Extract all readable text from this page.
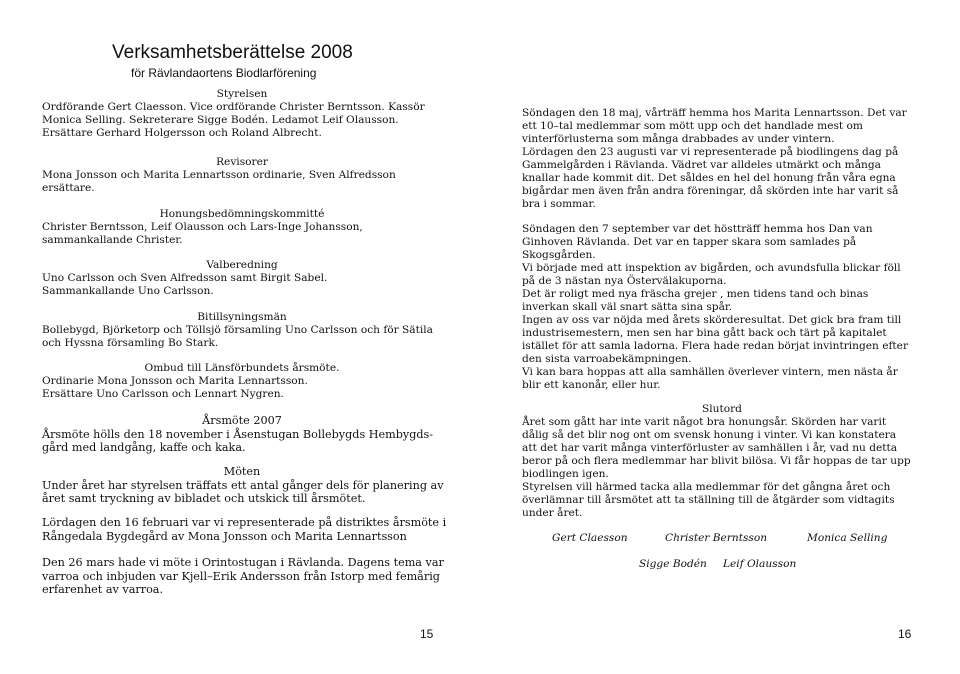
Verksamhetsberättelse 2008
för Rävlandaortens Biodlarförening
Styrelsen
Ordförande Gert Claesson. Vice ordförande Christer Berntsson. Kassör
Monica Selling. Sekreterare Sigge Bodén. Ledamot Leif Olausson.
Ersättare Gerhard Holgersson och Roland Albrecht.
Revisorer
Mona Jonsson och Marita Lennartsson ordinarie, Sven Alfredsson
ersättare.
Honungsbedömningskommitté
Christer Berntsson, Leif Olausson och Lars-Inge Johansson,
sammankallande Christer.
Valberedning
Uno Carlsson och Sven Alfredsson samt Birgit Sabel.
Sammankallande Uno Carlsson.
Bitillsyningsmän
Bollebygd, Björketorp och Töllsjö församling Uno Carlsson och för Sätila
och Hyssna församling Bo Stark.
Ombud till Länsförbundets årsmöte.
Ordinarie Mona Jonsson och Marita Lennartsson.
Ersättare Uno Carlsson och Lennart Nygren.
Årsmöte 2007
Årsmöte hölls den 18 november i Åsenstugan Bollebygds Hembygds-
gård med landgång, kaffe och kaka.
Möten
Under året har styrelsen träffats ett antal gånger dels för planering av
året samt tryckning av bibladet och utskick till årsmötet.
Lördagen den 16 februari var vi representerade på distriktes årsmöte i
Rångedala Bygdegård av Mona Jonsson och Marita Lennartsson
Den 26 mars hade vi möte i Orintostugan i Rävlanda. Dagens tema var
varroa och inbjuden var Kjell–Erik Andersson från Istorp med femårig
erfarenhet av varroa.
15
Söndagen den 18 maj, vårträff hemma hos Marita Lennartsson. Det var
ett 10–tal medlemmar som mött upp och det handlade mest om
vinterförlusterna som många drabbades av under vintern.
Lördagen den 23 augusti var vi representerade på biodlingens dag på
Gammelgården i Rävlanda. Vädret var alldeles utmärkt och många
knallar hade kommit dit. Det såldes en hel del honung från våra egna
bigårdar men även från andra föreningar, då skörden inte har varit så
bra i sommar.
Söndagen den 7 september var det höstträff hemma hos Dan van
Ginhoven Rävlanda. Det var en tapper skara som samlades på
Skogsgården.
Vi började med att inspektion av bigården, och avundsfulla blickar föll
på de 3 nästan nya Östervälakuporna.
Det är roligt med nya fräscha grejer , men tidens tand och binas
inverkan skall väl snart sätta sina spår.
Ingen av oss var nöjda med årets skörderesultat. Det gick bra fram till
industrisemestern, men sen har bina gått back och tärt på kapitalet
istället för att samla ladorna. Flera hade redan börjat invintringen efter
den sista varroabekämpningen.
Vi kan bara hoppas att alla samhällen överlever vintern, men nästa år
blir ett kanonår, eller hur.
Slutord
Året som gått har inte varit något bra honungsår. Skörden har varit
dålig så det blir nog ont om svensk honung i vinter. Vi kan konstatera
att det har varit många vinterförluster av samhällen i år, vad nu detta
beror på och flera medlemmar har blivit bilösa. Vi får hoppas de tar upp
biodlingen igen.
Styrelsen vill härmed tacka alla medlemmar för det gångna året och
överlämnar till årsmötet att ta ställning till de åtgärder som vidtagits
under året.
Gert Claesson	Christer Berntsson	Monica Selling
Sigge Bodén Leif Olausson
16
